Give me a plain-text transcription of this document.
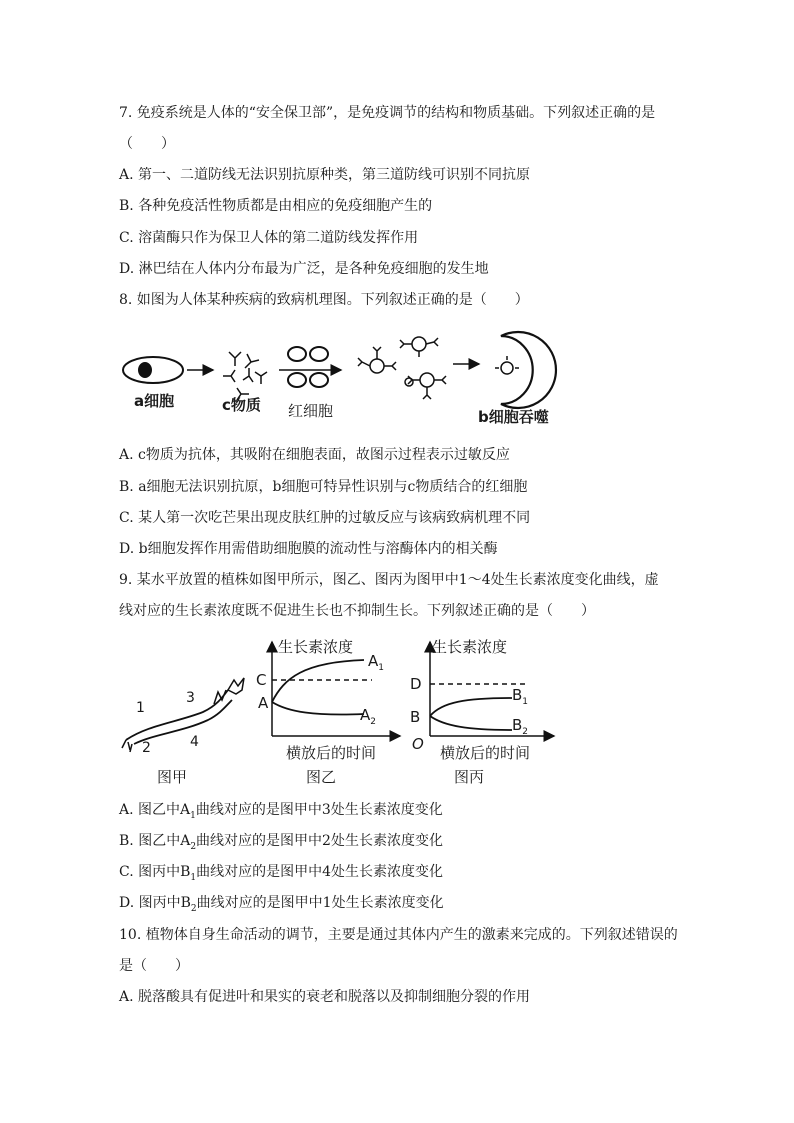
7. 免疫系统是人体的“安全保卫部”，是免疫调节的结构和物质基础。下列叙述正确的是
（　　）
A. 第一、二道防线无法识别抗原种类，第三道防线可识别不同抗原
B. 各种免疫活性物质都是由相应的免疫细胞产生的
C. 溶菌酶只作为保卫人体的第二道防线发挥作用
D. 淋巴结在人体内分布最为广泛，是各种免疫细胞的发生地
8. 如图为人体某种疾病的致病机理图。下列叙述正确的是（　　）
a细胞	c物质 红细胞	b细胞吞噬
A. c物质为抗体，其吸附在细胞表面，故图示过程表示过敏反应
B. a细胞无法识别抗原，b细胞可特异性识别与c物质结合的红细胞
C. 某人第一次吃芒果出现皮肤红肿的过敏反应与该病致病机理不同
D. b细胞发挥作用需借助细胞膜的流动性与溶酶体内的相关酶
9. 某水平放置的植株如图甲所示，图乙、图丙为图甲中1～4处生长素浓度变化曲线，虚
线对应的生长素浓度既不促进生长也不抑制生长。下列叙述正确的是（　　）
1
3
2	4
图甲
生长素浓度
C
A
$A_1$
$A_2$
横放后的时间
图乙
生长素浓度
D
B
O
$B_1$
$B_2$
横放后的时间
图丙
A. 图乙中$A_1$曲线对应的是图甲中3处生长素浓度变化
B. 图乙中$A_2$曲线对应的是图甲中2处生长素浓度变化
C. 图丙中$B_1$曲线对应的是图甲中4处生长素浓度变化
D. 图丙中$B_2$曲线对应的是图甲中1处生长素浓度变化
10. 植物体自身生命活动的调节，主要是通过其体内产生的激素来完成的。下列叙述错误的
是（　　）
A. 脱落酸具有促进叶和果实的衰老和脱落以及抑制细胞分裂的作用
